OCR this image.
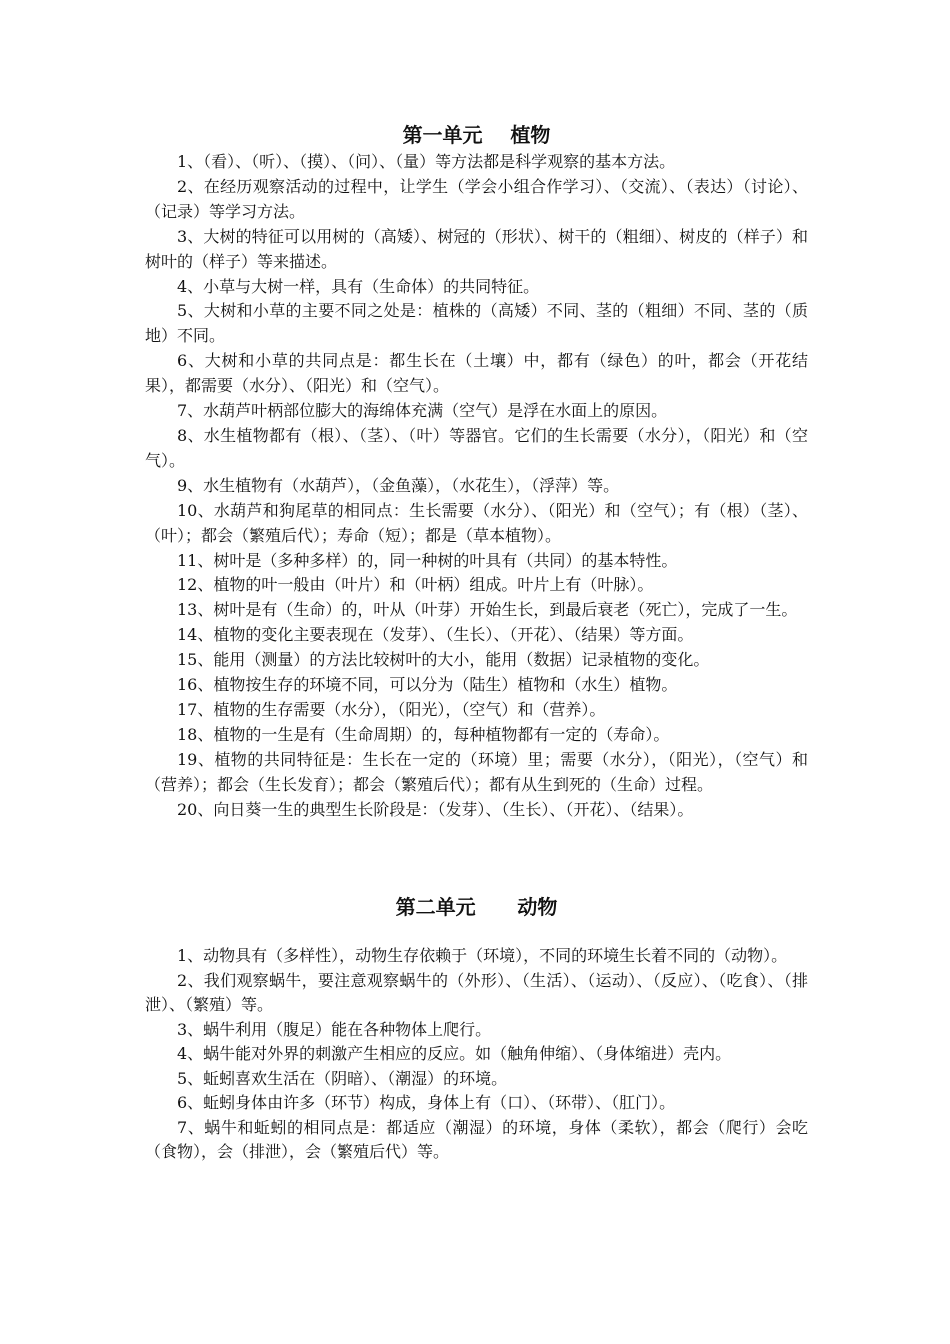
第一单元    植物

1、（看）、（听）、（摸）、（问）、（量）等方法都是科学观察的基本方法。

2、在经历观察活动的过程中，让学生（学会小组合作学习）、（交流）、（表达）（讨论）、（记录）等学习方法。

3、大树的特征可以用树的（高矮）、树冠的（形状）、树干的（粗细）、树皮的（样子）和树叶的（样子）等来描述。

4、小草与大树一样，具有（生命体）的共同特征。

5、大树和小草的主要不同之处是：植株的（高矮）不同、茎的（粗细）不同、茎的（质地）不同。

6、大树和小草的共同点是：都生长在（土壤）中，都有（绿色）的叶，都会（开花结果），都需要（水分）、（阳光）和（空气）。

7、水葫芦叶柄部位膨大的海绵体充满（空气）是浮在水面上的原因。

8、水生植物都有（根）、（茎）、（叶）等器官。它们的生长需要（水分），（阳光）和（空气）。

9、水生植物有（水葫芦），（金鱼藻），（水花生），（浮萍）等。

10、水葫芦和狗尾草的相同点：生长需要（水分）、（阳光）和（空气）；有（根）（茎）、（叶）；都会（繁殖后代）；寿命（短）；都是（草本植物）。

11、树叶是（多种多样）的，同一种树的叶具有（共同）的基本特性。

12、植物的叶一般由（叶片）和（叶柄）组成。叶片上有（叶脉）。

13、树叶是有（生命）的，叶从（叶芽）开始生长，到最后衰老（死亡），完成了一生。

14、植物的变化主要表现在（发芽）、（生长）、（开花）、（结果）等方面。

15、能用（测量）的方法比较树叶的大小，能用（数据）记录植物的变化。

16、植物按生存的环境不同，可以分为（陆生）植物和（水生）植物。

17、植物的生存需要（水分），（阳光），（空气）和（营养）。

18、植物的一生是有（生命周期）的，每种植物都有一定的（寿命）。

19、植物的共同特征是：生长在一定的（环境）里；需要（水分），（阳光），（空气）和（营养）；都会（生长发育）；都会（繁殖后代）；都有从生到死的（生命）过程。

20、向日葵一生的典型生长阶段是：（发芽）、（生长）、（开花）、（结果）。

第二单元      动物

1、动物具有（多样性），动物生存依赖于（环境），不同的环境生长着不同的（动物）。

2、我们观察蜗牛，要注意观察蜗牛的（外形）、（生活）、（运动）、（反应）、（吃食）、（排泄）、（繁殖）等。

3、蜗牛利用（腹足）能在各种物体上爬行。

4、蜗牛能对外界的刺激产生相应的反应。如（触角伸缩）、（身体缩进）壳内。

5、蚯蚓喜欢生活在（阴暗）、（潮湿）的环境。

6、蚯蚓身体由许多（环节）构成，身体上有（口）、（环带）、（肛门）。

7、蜗牛和蚯蚓的相同点是：都适应（潮湿）的环境，身体（柔软），都会（爬行）会吃（食物），会（排泄），会（繁殖后代）等。
